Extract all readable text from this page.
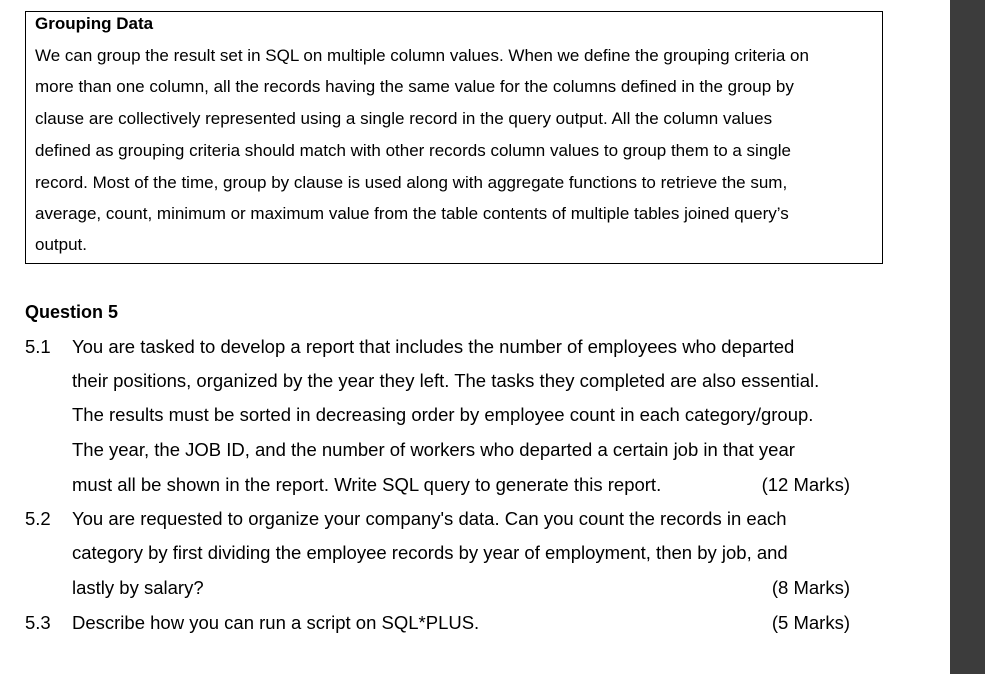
Grouping Data
We can group the result set in SQL on multiple column values. When we define the grouping criteria on
more than one column, all the records having the same value for the columns defined in the group by
clause are collectively represented using a single record in the query output. All the column values
defined as grouping criteria should match with other records column values to group them to a single
record. Most of the time, group by clause is used along with aggregate functions to retrieve the sum,
average, count, minimum or maximum value from the table contents of multiple tables joined query’s
output.
Question 5
5.1 You are tasked to develop a report that includes the number of employees who departed
their positions, organized by the year they left. The tasks they completed are also essential.
The results must be sorted in decreasing order by employee count in each category/group.
The year, the JOB ID, and the number of workers who departed a certain job in that year
must all be shown in the report. Write SQL query to generate this report.	(12 Marks)
5.2 You are requested to organize your company's data. Can you count the records in each
category by first dividing the employee records by year of employment, then by job, and
lastly by salary?	(8 Marks)
5.3 Describe how you can run a script on SQL*PLUS.	(5 Marks)
